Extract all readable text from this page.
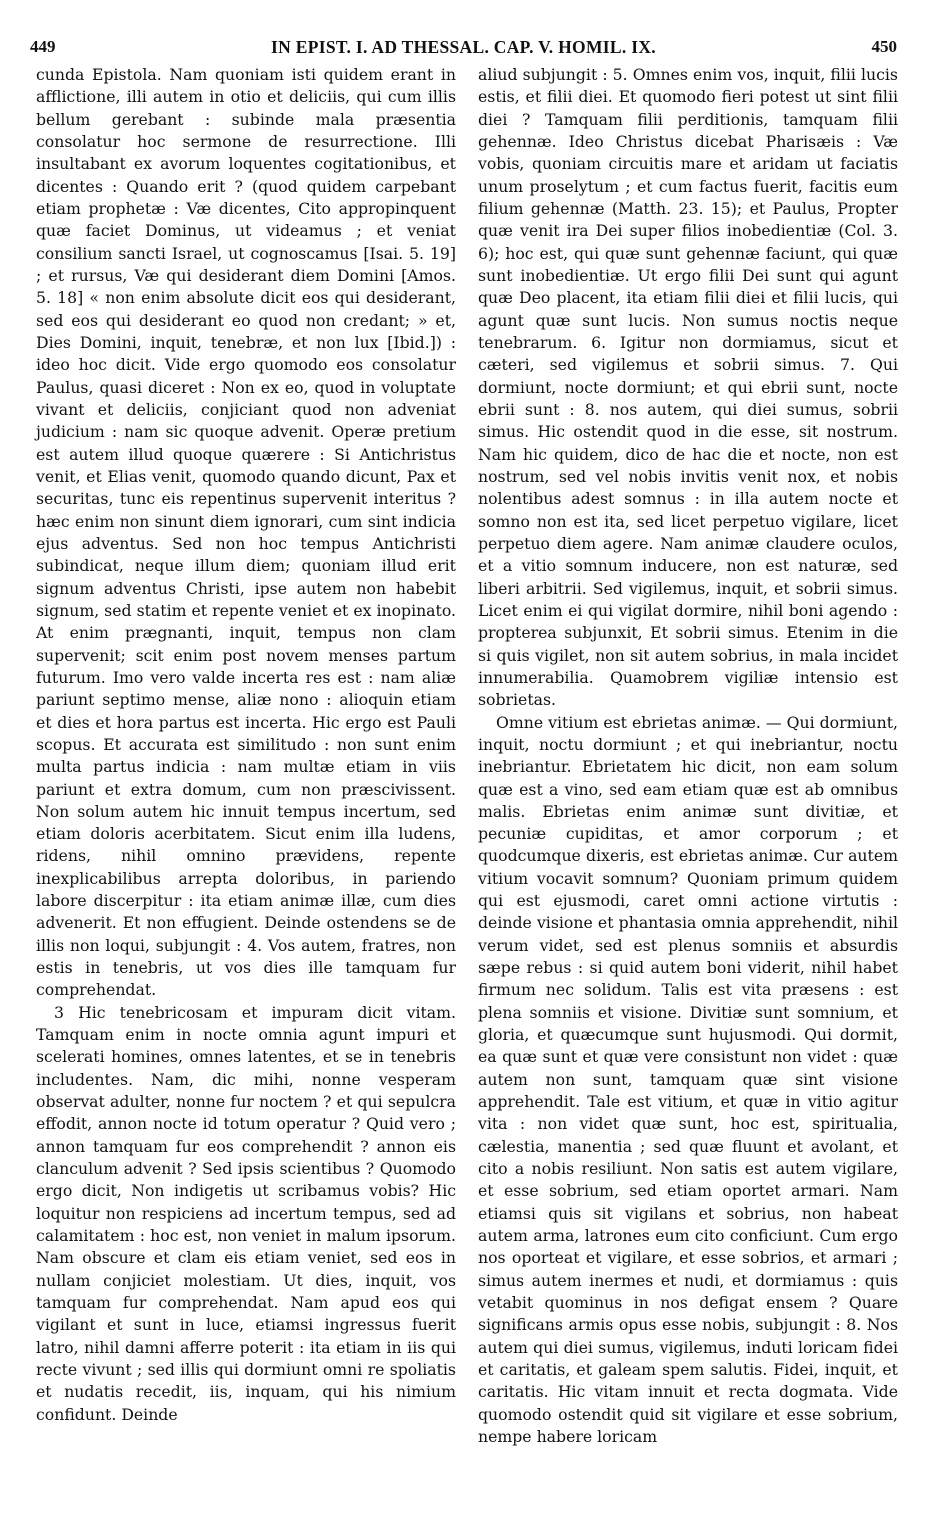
449	IN EPIST. I. AD THESSAL. CAP. V. HOMIL. IX.	450

cunda Epistola. Nam quoniam isti quidem erant in afflictione, illi autem in otio et deliciis, qui cum illis bellum gerebant : subinde mala præsentia consolatur hoc sermone de resurrectione. Illi insultabant ex avorum loquentes cogitationibus, et dicentes : Quando erit ? (quod quidem carpebant etiam prophetæ : Væ dicentes, Cito appropinquent quæ faciet Dominus, ut videamus ; et veniat consilium sancti Israel, ut cognoscamus [Isai. 5. 19] ; et rursus, Væ qui desiderant diem Domini [Amos. 5. 18] « non enim absolute dicit eos qui desiderant, sed eos qui desiderant eo quod non credant; » et, Dies Domini, inquit, tenebræ, et non lux [Ibid.]) : ideo hoc dicit. Vide ergo quomodo eos consolatur Paulus, quasi diceret : Non ex eo, quod in voluptate vivant et deliciis, conjiciant quod non adveniat judicium : nam sic quoque advenit. Operæ pretium est autem illud quoque quærere : Si Antichristus venit, et Elias venit, quomodo quando dicunt, Pax et securitas, tunc eis repentinus supervenit interitus ? hæc enim non sinunt diem ignorari, cum sint indicia ejus adventus. Sed non hoc tempus Antichristi subindicat, neque illum diem; quoniam illud erit signum adventus Christi, ipse autem non habebit signum, sed statim et repente veniet et ex inopinato. At enim prægnanti, inquit, tempus non clam supervenit; scit enim post novem menses partum futurum. Imo vero valde incerta res est : nam aliæ pariunt septimo mense, aliæ nono : alioquin etiam et dies et hora partus est incerta. Hic ergo est Pauli scopus. Et accurata est similitudo : non sunt enim multa partus indicia : nam multæ etiam in viis pariunt et extra domum, cum non præscivissent. Non solum autem hic innuit tempus incertum, sed etiam doloris acerbitatem. Sicut enim illa ludens, ridens, nihil omnino prævidens, repente inexplicabilibus arrepta doloribus, in pariendo labore discerpitur : ita etiam animæ illæ, cum dies advenerit. Et non effugient. Deinde ostendens se de illis non loqui, subjungit : 4. Vos autem, fratres, non estis in tenebris, ut vos dies ille tamquam fur comprehendat.

3 Hic tenebricosam et impuram dicit vitam. Tamquam enim in nocte omnia agunt impuri et scelerati homines, omnes latentes, et se in tenebris includentes. Nam, dic mihi, nonne vesperam observat adulter, nonne fur noctem ? et qui sepulcra effodit, annon nocte id totum operatur ? Quid vero ; annon tamquam fur eos comprehendit ? annon eis clanculum advenit ? Sed ipsis scientibus ? Quomodo ergo dicit, Non indigetis ut scribamus vobis? Hic loquitur non respiciens ad incertum tempus, sed ad calamitatem : hoc est, non veniet in malum ipsorum. Nam obscure et clam eis etiam veniet, sed eos in nullam conjiciet molestiam. Ut dies, inquit, vos tamquam fur comprehendat. Nam apud eos qui vigilant et sunt in luce, etiamsi ingressus fuerit latro, nihil damni afferre poterit : ita etiam in iis qui recte vivunt ; sed illis qui dormiunt omni re spoliatis et nudatis recedit, iis, inquam, qui his nimium confidunt. Deinde

aliud subjungit : 5. Omnes enim vos, inquit, filii lucis estis, et filii diei. Et quomodo fieri potest ut sint filii diei ? Tamquam filii perditionis, tamquam filii gehennæ. Ideo Christus dicebat Pharisæis : Væ vobis, quoniam circuitis mare et aridam ut faciatis unum proselytum ; et cum factus fuerit, facitis eum filium gehennæ (Matth. 23. 15); et Paulus, Propter quæ venit ira Dei super filios inobedientiæ (Col. 3. 6); hoc est, qui quæ sunt gehennæ faciunt, qui quæ sunt inobedientiæ. Ut ergo filii Dei sunt qui agunt quæ Deo placent, ita etiam filii diei et filii lucis, qui agunt quæ sunt lucis. Non sumus noctis neque tenebrarum. 6. Igitur non dormiamus, sicut et cæteri, sed vigilemus et sobrii simus. 7. Qui dormiunt, nocte dormiunt; et qui ebrii sunt, nocte ebrii sunt : 8. nos autem, qui diei sumus, sobrii simus. Hic ostendit quod in die esse, sit nostrum. Nam hic quidem, dico de hac die et nocte, non est nostrum, sed vel nobis invitis venit nox, et nobis nolentibus adest somnus : in illa autem nocte et somno non est ita, sed licet perpetuo vigilare, licet perpetuo diem agere. Nam animæ claudere oculos, et a vitio somnum inducere, non est naturæ, sed liberi arbitrii. Sed vigilemus, inquit, et sobrii simus. Licet enim ei qui vigilat dormire, nihil boni agendo : propterea subjunxit, Et sobrii simus. Etenim in die si quis vigilet, non sit autem sobrius, in mala incidet innumerabilia. Quamobrem vigiliæ intensio est sobrietas.

Omne vitium est ebrietas animæ. — Qui dormiunt, inquit, noctu dormiunt ; et qui inebriantur, noctu inebriantur. Ebrietatem hic dicit, non eam solum quæ est a vino, sed eam etiam quæ est ab omnibus malis. Ebrietas enim animæ sunt divitiæ, et pecuniæ cupiditas, et amor corporum ; et quodcumque dixeris, est ebrietas animæ. Cur autem vitium vocavit somnum? Quoniam primum quidem qui est ejusmodi, caret omni actione virtutis : deinde visione et phantasia omnia apprehendit, nihil verum videt, sed est plenus somniis et absurdis sæpe rebus : si quid autem boni viderit, nihil habet firmum nec solidum. Talis est vita præsens : est plena somniis et visione. Divitiæ sunt somnium, et gloria, et quæcumque sunt hujusmodi. Qui dormit, ea quæ sunt et quæ vere consistunt non videt : quæ autem non sunt, tamquam quæ sint visione apprehendit. Tale est vitium, et quæ in vitio agitur vita : non videt quæ sunt, hoc est, spiritualia, cælestia, manentia ; sed quæ fluunt et avolant, et cito a nobis resiliunt. Non satis est autem vigilare, et esse sobrium, sed etiam oportet armari. Nam etiamsi quis sit vigilans et sobrius, non habeat autem arma, latrones eum cito conficiunt. Cum ergo nos oporteat et vigilare, et esse sobrios, et armari ; simus autem inermes et nudi, et dormiamus : quis vetabit quominus in nos defigat ensem ? Quare significans armis opus esse nobis, subjungit : 8. Nos autem qui diei sumus, vigilemus, induti loricam fidei et caritatis, et galeam spem salutis. Fidei, inquit, et caritatis. Hic vitam innuit et recta dogmata. Vide quomodo ostendit quid sit vigilare et esse sobrium, nempe habere loricam
